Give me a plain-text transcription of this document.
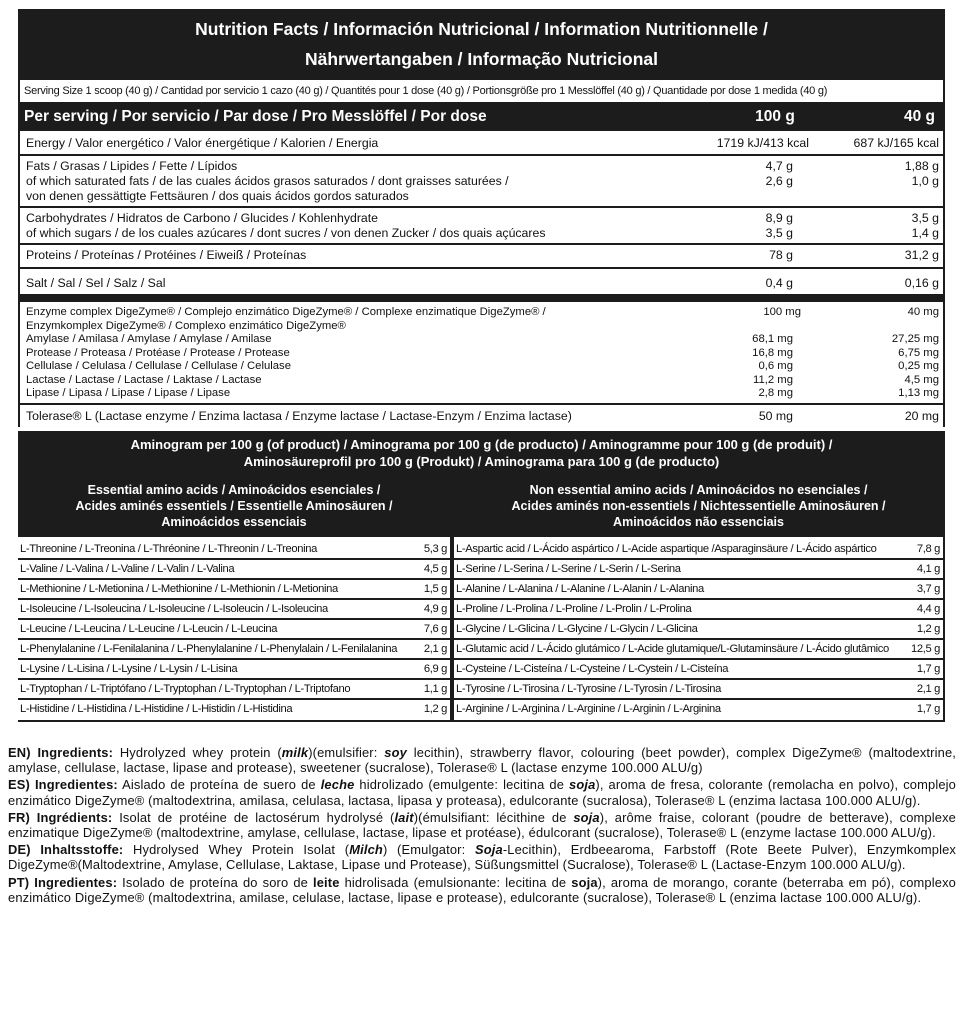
Nutrition Facts / Información Nutricional / Information Nutritionnelle /
Nährwertangaben / Informação Nutricional
Serving Size 1 scoop (40 g) / Cantidad por servicio 1 cazo (40 g) / Quantités pour 1 dose (40 g) / Portionsgröße pro 1 Messlöffel (40 g) / Quantidade por dose 1 medida (40 g)
Per serving / Por servicio / Par dose / Pro Messlöffel / Por dose	100 g	40 g
Energy / Valor energético / Valor énergétique / Kalorien / Energia	1719 kJ/413 kcal	687 kJ/165 kcal
Fats / Grasas / Lipides / Fette / Lípidos	4,7 g	1,88 g
of which saturated fats / de las cuales ácidos grasos saturados / dont graisses saturées /
von denen gessättigte Fettsäuren / dos quais ácidos gordos saturados
2,6 g	1,0 g
Carbohydrates / Hidratos de Carbono / Glucides / Kohlenhydrate	8,9 g	3,5 g
of which sugars / de los cuales azúcares / dont sucres / von denen Zucker / dos quais açúcares	3,5 g	1,4 g
Proteins / Proteínas / Protéines / Eiweiß / Proteínas	78 g	31,2 g
Salt / Sal / Sel / Salz / Sal	0,4 g	0,16 g
Enzyme complex DigeZyme® / Complejo enzimático DigeZyme® / Complexe enzimatique DigeZyme® /
Enzymkomplex DigeZyme® / Complexo enzimático DigeZyme®
100 mg	40 mg
Amylase / Amilasa / Amylase / Amylase / Amilase	68,1 mg	27,25 mg
Protease / Proteasa / Protéase / Protease / Protease	16,8 mg	6,75 mg
Cellulase / Celulasa / Cellulase / Cellulase / Celulase	0,6 mg	0,25 mg
Lactase / Lactase / Lactase / Laktase / Lactase	11,2 mg	4,5 mg
Lipase / Lipasa / Lipase / Lipase / Lipase	2,8 mg	1,13 mg
Tolerase® L (Lactase enzyme / Enzima lactasa / Enzyme lactase / Lactase-Enzym / Enzima lactase)	50 mg	20 mg
Aminogram per 100 g (of product) / Aminograma por 100 g (de producto) / Aminogramme pour 100 g (de produit) /
Aminosäureprofil pro 100 g (Produkt) / Aminograma para 100 g (de producto)
Essential amino acids / Aminoácidos esenciales /
Acides aminés essentiels / Essentielle Aminosäuren /
Aminoácidos essenciais
L-Threonine / L-Treonina / L-Thréonine / L-Threonin / L-Treonina	5,3 g
L-Valine / L-Valina / L-Valine / L-Valin / L-Valina	4,5 g
L-Methionine / L-Metionina / L-Methionine / L-Methionin / L-Metionina	1,5 g
L-Isoleucine / L-Isoleucina / L-Isoleucine / L-Isoleucin / L-Isoleucina	4,9 g
L-Leucine / L-Leucina / L-Leucine / L-Leucin / L-Leucina	7,6 g
L-Phenylalanine / L-Fenilalanina / L-Phenylalanine / L-Phenylalain / L-Fenilalanina	2,1 g
L-Lysine / L-Lisina / L-Lysine / L-Lysin / L-Lisina	6,9 g
L-Tryptophan / L-Triptófano / L-Tryptophan / L-Tryptophan / L-Triptofano	1,1 g
L-Histidine / L-Histidina / L-Histidine / L-Histidin / L-Histidina	1,2 g
Non essential amino acids / Aminoácidos no esenciales /
Acides aminés non-essentiels / Nichtessentielle Aminosäuren /
Aminoácidos não essenciais
L-Aspartic acid / L-Ácido aspártico / L-Acide aspartique /Asparaginsäure / L-Ácido aspártico	7,8 g
L-Serine / L-Serina / L-Serine / L-Serin / L-Serina	4,1 g
L-Alanine / L-Alanina / L-Alanine / L-Alanin / L-Alanina	3,7 g
L-Proline / L-Prolina / L-Proline / L-Prolin / L-Prolina	4,4 g
L-Glycine / L-Glicina / L-Glycine / L-Glycin / L-Glicina	1,2 g
L-Glutamic acid / L-Ácido glutámico / L-Acide glutamique/L-Glutaminsäure / L-Ácido glutâmico	12,5 g
L-Cysteine / L-Cisteína / L-Cysteine / L-Cystein / L-Cisteína	1,7 g
L-Tyrosine / L-Tirosina / L-Tyrosine / L-Tyrosin / L-Tirosina	2,1 g
L-Arginine / L-Arginina / L-Arginine / L-Arginin / L-Arginina	1,7 g

EN) Ingredients: Hydrolyzed whey protein (milk)(emulsifier: soy lecithin), strawberry flavor, colouring (beet powder), complex DigeZyme® (maltodextrine, amylase, cellulase, lactase, lipase and protease), sweetener (sucralose), Tolerase® L (lactase enzyme 100.000 ALU/g)

ES) Ingredientes: Aislado de proteína de suero de leche hidrolizado (emulgente: lecitina de soja), aroma de fresa, colorante (remolacha en polvo), complejo enzimático DigeZyme® (maltodextrina, amilasa, celulasa, lactasa, lipasa y proteasa), edulcorante (sucralosa), Tolerase® L (enzima lactasa 100.000 ALU/g).

FR) Ingrédients: Isolat de protéine de lactosérum hydrolysé (lait)(émulsifiant: lécithine de soja), arôme fraise, colorant (poudre de betterave), complexe enzimatique DigeZyme® (maltodextrine, amylase, cellulase, lactase, lipase et protéase), édulcorant (sucralose), Tolerase® L (enzyme lactase 100.000 ALU/g).

DE) Inhaltsstoffe: Hydrolysed Whey Protein Isolat (Milch) (Emulgator: Soja-Lecithin), Erdbeearoma, Farbstoff (Rote Beete Pulver), Enzymkomplex DigeZyme®(Maltodextrine, Amylase, Cellulase, Laktase, Lipase und Protease), Süßungsmittel (Sucralose), Tolerase® L (Lactase-Enzym 100.000 ALU/g).

PT) Ingredientes: Isolado de proteína do soro de leite hidrolisada (emulsionante: lecitina de soja), aroma de morango, corante (beterraba em pó), complexo enzimático DigeZyme® (maltodextrina, amilase, celulase, lactase, lipase e protease), edulcorante (sucralose), Tolerase® L (enzima lactase 100.000 ALU/g).
